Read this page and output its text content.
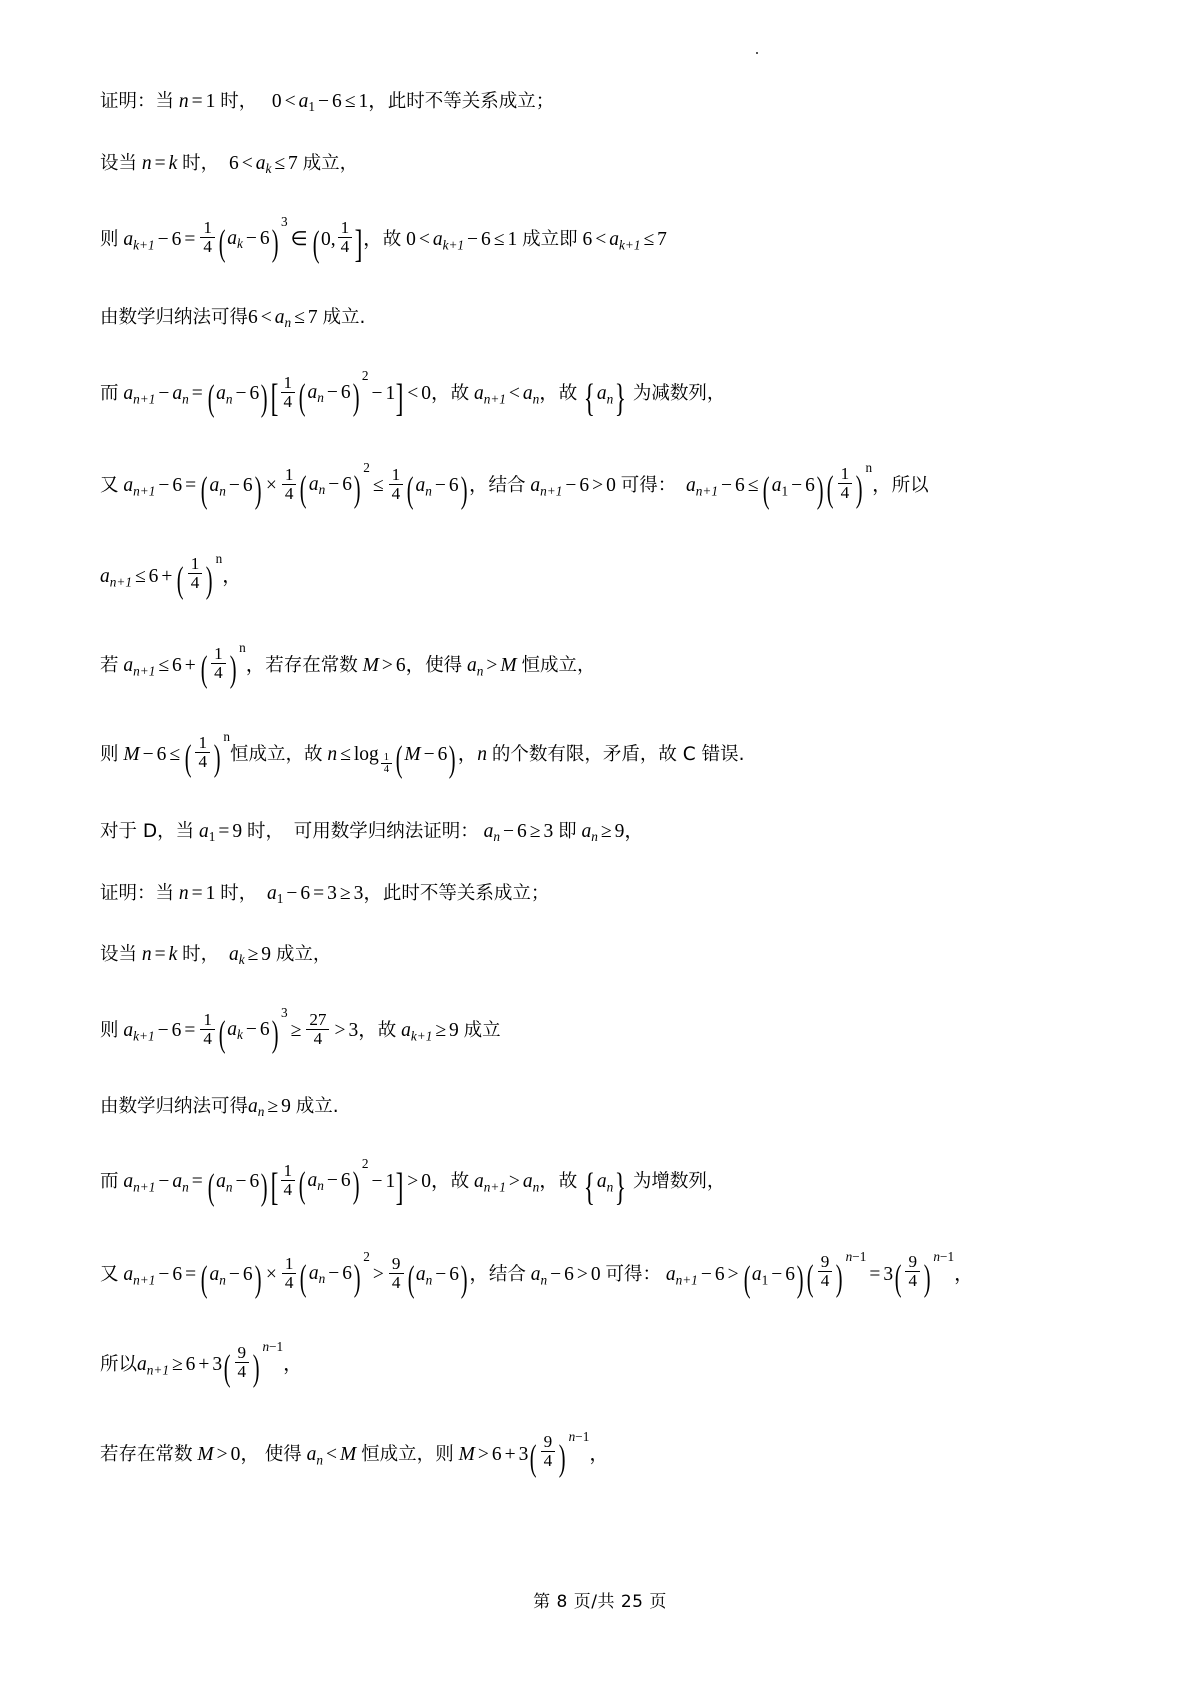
证明：当 n = 1 时， $0 < a_1 - 6 \le 1$，此时不等关系成立；
设当 n = k 时， $6 < a_k \le 7$ 成立，
则 $a_{k+1} - 6 = \frac{1}{4} (a_k$ − $6)^3\in$ (0, $\frac{1}{4}$ ]，故 $0 < a_{k+1} - 6 \le 1$ 成立即 $6 < a_{k+1} \le 7$
由数学归纳法可得$6 < a_n \le 7$ 成立.
而 $a_{n+1} - a_n = (a_n - 6)[ \frac{1}{4} (a_n - 6)^2- 1] < 0$，故 $a_{n+1} < a_n$，故 $\{a_n\}$ 为减数列，
又 $a_{n+1} - 6 = (a_n - 6) \times \frac{1}{4} (a_n - 6)^2\le \frac{1}{4} (a_n - 6)$，结合 $a_{n+1} - 6 > 0$ 可得： $a_{n+1} - 6 \le (a_1 - 6)( \frac{1}{4} )^n$，所以
$a_{n+1} \le 6$ + ( $\frac{1}{4} )^n$，
若 $a_{n+1} \le 6$ + ( $\frac{1}{4} )^n$，若存在常数 M > 6，使得 $a_n > M$ 恒成立，
则 M − 6 ≤ ( $\frac{1}{4} )^n$恒成立，故 $n \le \log \frac{1}{4} (M - 6)$，n 的个数有限，矛盾，故 C 错误.
对于 D，当 $a_1 = 9$ 时， 可用数学归纳法证明： $a_n - 6 \ge 3$ 即 $a_n \ge 9$，
证明：当 n = 1 时， $a_1 - 6 = 3 \ge 3$，此时不等关系成立；
设当 n = k 时， $a_k \ge 9$ 成立，
则 $a_{k+1} - 6 = \frac{1}{4} (a_k - 6)^3\ge \frac{27}{4} > 3$，故 $a_{k+1} \ge 9$ 成立
由数学归纳法可得$a_n \ge 9$ 成立.
而 $a_{n+1} - a_n = (a_n - 6)[ \frac{1}{4} (a_n - 6)^2- 1] > 0$，故 $a_{n+1} > a_n$，故 $\{a_n\}$ 为增数列，
又 $a_{n+1} - 6 = (a_n - 6) \times \frac{1}{4} (a_n - 6)^2> \frac{9}{4} (a_n - 6)$，结合 $a_n - 6 > 0$ 可得： $a_{n+1} - 6 > (a_1 - 6)( \frac{9}{4} )^{n-1}= 3( \frac{9}{4} )^{n-1}$，
所以$a_{n+1} \ge 6 + 3( \frac{9}{4} )^{n-1}$，
若存在常数 M > 0， 使得 $a_n < M$ 恒成立，则 $M > 6 + 3( \frac{9}{4} )^{n-1}$，
第 8 页/共 25 页
